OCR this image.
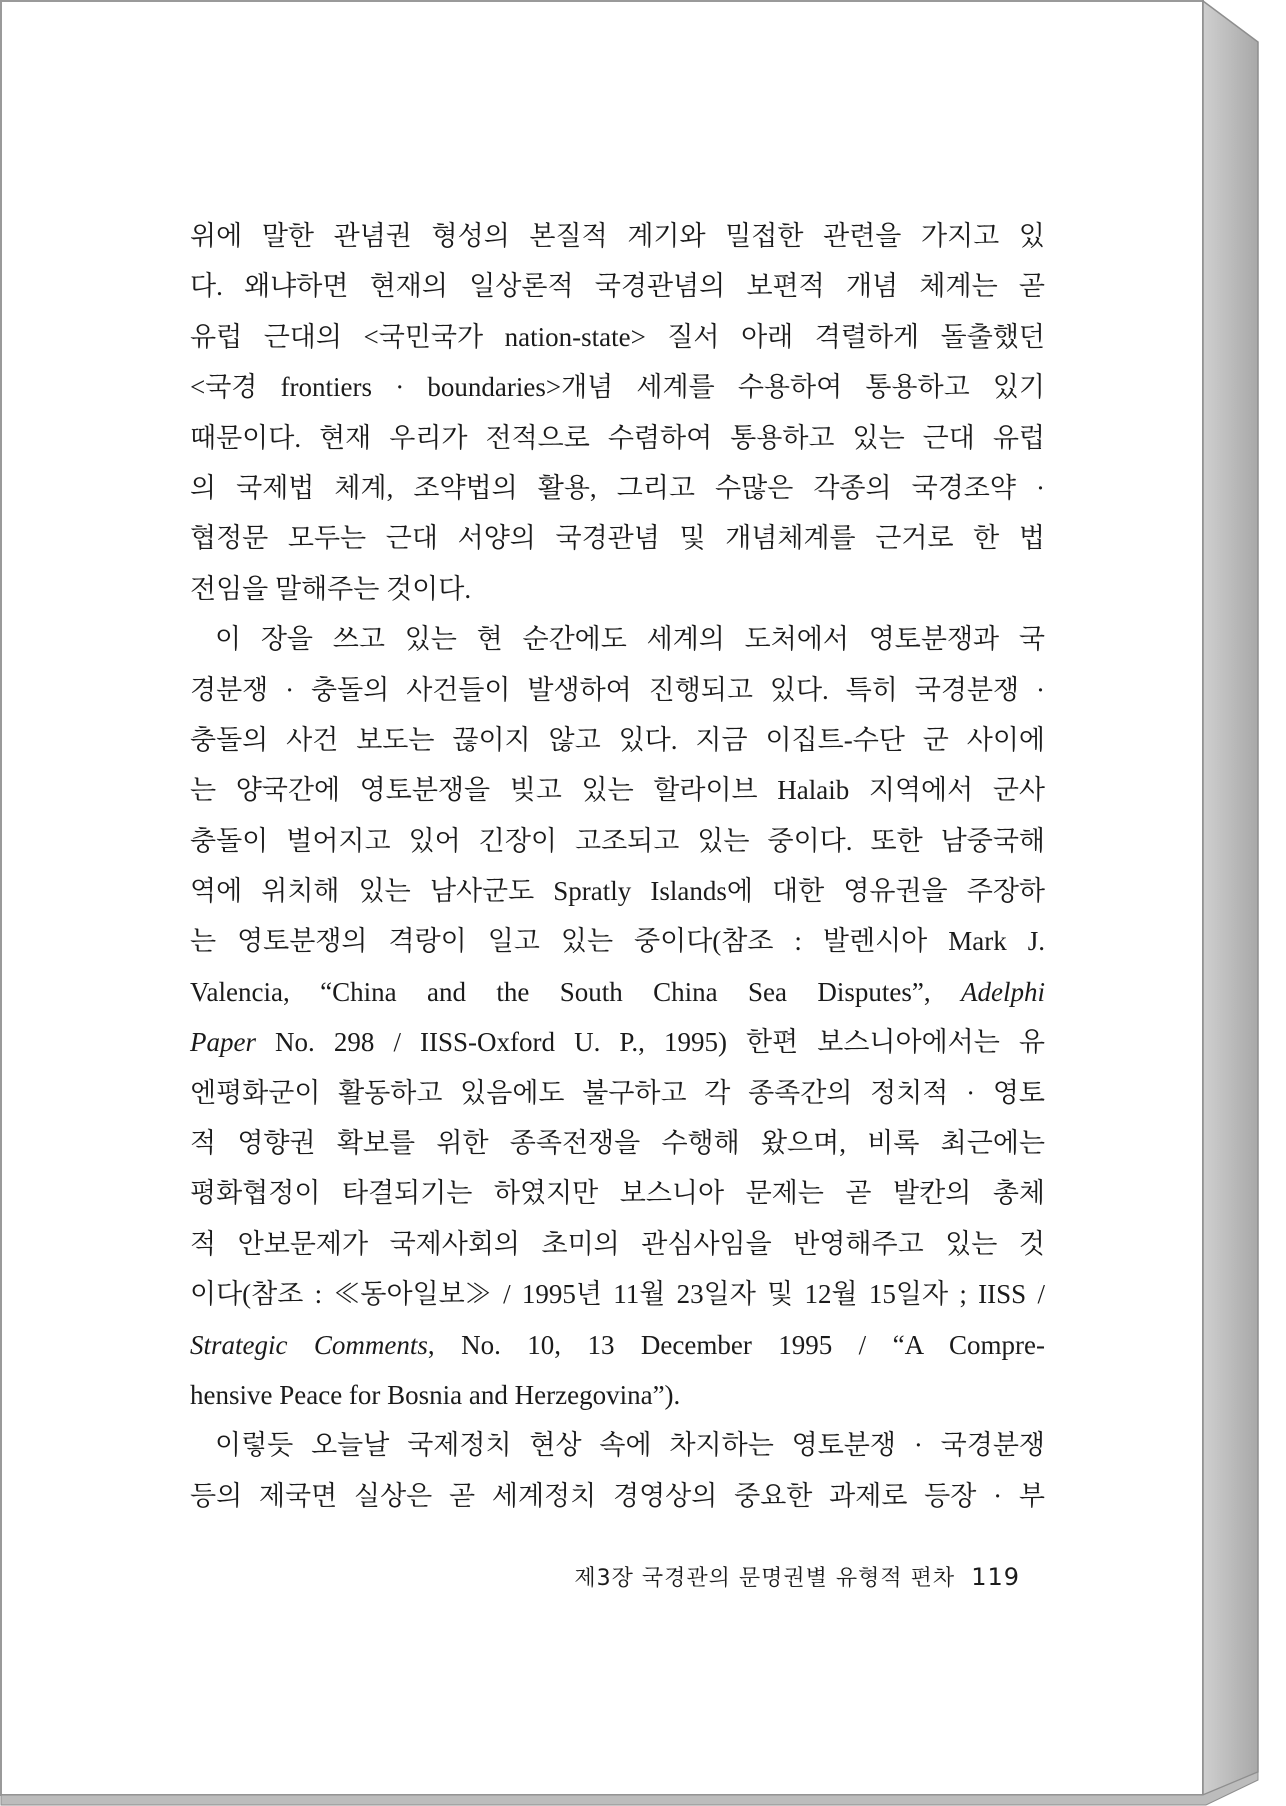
위에 말한 관념권 형성의 본질적 계기와 밀접한 관련을 가지고 있
다. 왜냐하면 현재의 일상론적 국경관념의 보편적 개념 체계는 곧
유럽 근대의 <국민국가 nation-state> 질서 아래 격렬하게 돌출했던
<국경 frontiers · boundaries>개념 세계를 수용하여 통용하고 있기
때문이다. 현재 우리가 전적으로 수렴하여 통용하고 있는 근대 유럽
의 국제법 체계, 조약법의 활용, 그리고 수많은 각종의 국경조약 ·
협정문 모두는 근대 서양의 국경관념 및 개념체계를 근거로 한 법
전임을 말해주는 것이다.
이 장을 쓰고 있는 현 순간에도 세계의 도처에서 영토분쟁과 국
경분쟁 · 충돌의 사건들이 발생하여 진행되고 있다. 특히 국경분쟁 ·
충돌의 사건 보도는 끊이지 않고 있다. 지금 이집트-수단 군 사이에
는 양국간에 영토분쟁을 빚고 있는 할라이브 Halaib 지역에서 군사
충돌이 벌어지고 있어 긴장이 고조되고 있는 중이다. 또한 남중국해
역에 위치해 있는 남사군도 Spratly Islands에 대한 영유권을 주장하
는 영토분쟁의 격랑이 일고 있는 중이다(참조 : 발렌시아 Mark J.
Valencia, “China and the South China Sea Disputes”, Adelphi
Paper No. 298 / IISS-Oxford U. P., 1995) 한편 보스니아에서는 유
엔평화군이 활동하고 있음에도 불구하고 각 종족간의 정치적 · 영토
적 영향권 확보를 위한 종족전쟁을 수행해 왔으며, 비록 최근에는
평화협정이 타결되기는 하였지만 보스니아 문제는 곧 발칸의 총체
적 안보문제가 국제사회의 초미의 관심사임을 반영해주고 있는 것
이다(참조 : ≪동아일보≫ / 1995년 11월 23일자 및 12월 15일자 ; IISS /
Strategic Comments, No. 10, 13 December 1995 / “A Compre-
hensive Peace for Bosnia and Herzegovina”).
이렇듯 오늘날 국제정치 현상 속에 차지하는 영토분쟁 · 국경분쟁
등의 제국면 실상은 곧 세계정치 경영상의 중요한 과제로 등장 · 부
제3장 국경관의 문명권별 유형적 편차 119
